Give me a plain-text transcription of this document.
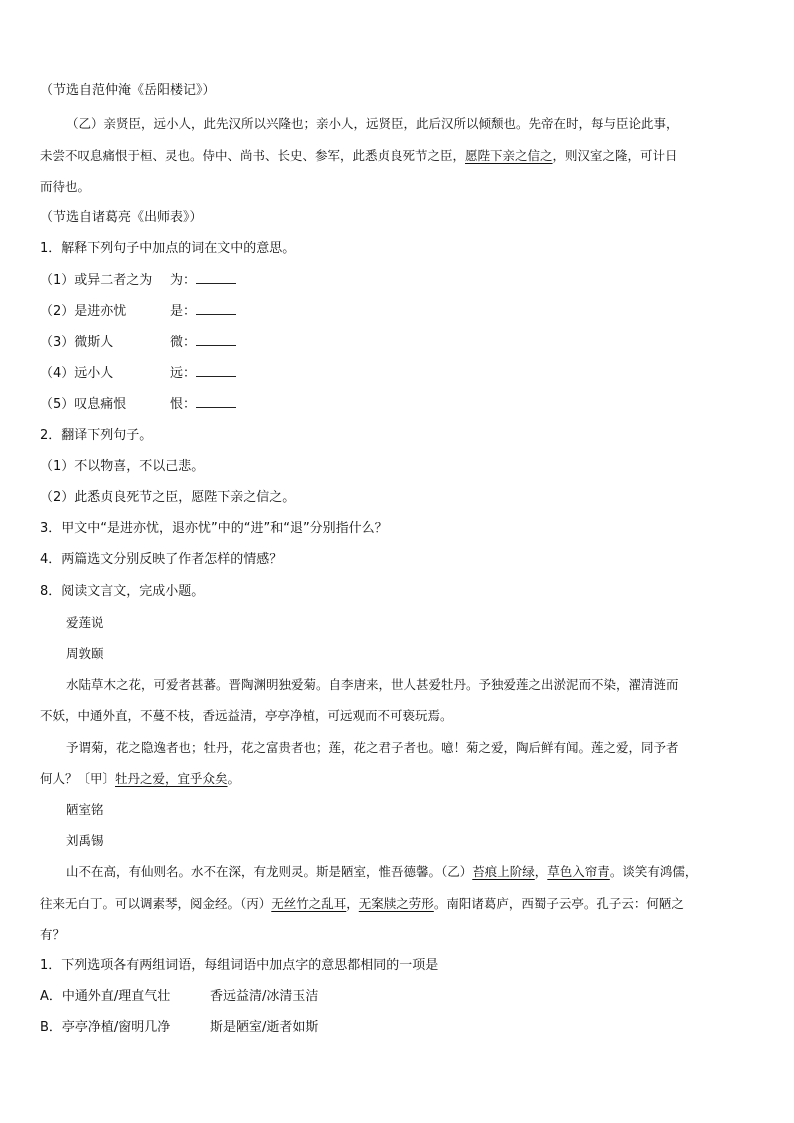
（节选自范仲淹《岳阳楼记》）
（乙）亲贤臣，远小人，此先汉所以兴隆也；亲小人，远贤臣，此后汉所以倾颓也。先帝在时，每与臣论此事，
未尝不叹息痛恨于桓、灵也。侍中、尚书、长史、参军，此悉贞良死节之臣，愿陛下亲之信之，则汉室之隆，可计日
而待也。
（节选自诸葛亮《出师表》）
1．解释下列句子中加点的词在文中的意思。
（1）或异二者之为 为：
（2）是进亦忧	是：
（3）微斯人	微：
（4）远小人	远：
（5）叹息痛恨	恨：
2．翻译下列句子。
（1）不以物喜，不以己悲。
（2）此悉贞良死节之臣，愿陛下亲之信之。
3．甲文中“是进亦忧，退亦忧”中的“进”和“退”分别指什么？
4．两篇选文分别反映了作者怎样的情感？
8．阅读文言文，完成小题。
爱莲说
周敦颐
水陆草木之花，可爱者甚蕃。晋陶渊明独爱菊。自李唐来，世人甚爱牡丹。予独爱莲之出淤泥而不染，濯清涟而
不妖，中通外直，不蔓不枝，香远益清，亭亭净植，可远观而不可亵玩焉。
予谓菊，花之隐逸者也；牡丹，花之富贵者也；莲，花之君子者也。噫！菊之爱，陶后鲜有闻。莲之爱，同予者
何人？〔甲〕牡丹之爱，宜乎众矣。
陋室铭
刘禹锡
山不在高，有仙则名。水不在深，有龙则灵。斯是陋室，惟吾德馨。（乙）苔痕上阶绿，草色入帘青。谈笑有鸿儒，
往来无白丁。可以调素琴，阅金经。（丙）无丝竹之乱耳，无案牍之劳形。南阳诸葛庐，西蜀子云亭。孔子云：何陋之
有？
1．下列选项各有两组词语，每组词语中加点字的意思都相同的一项是
A．中通外直/理直气壮	香远益清/冰清玉洁
B．亭亭净植/窗明几净	斯是陋室/逝者如斯
